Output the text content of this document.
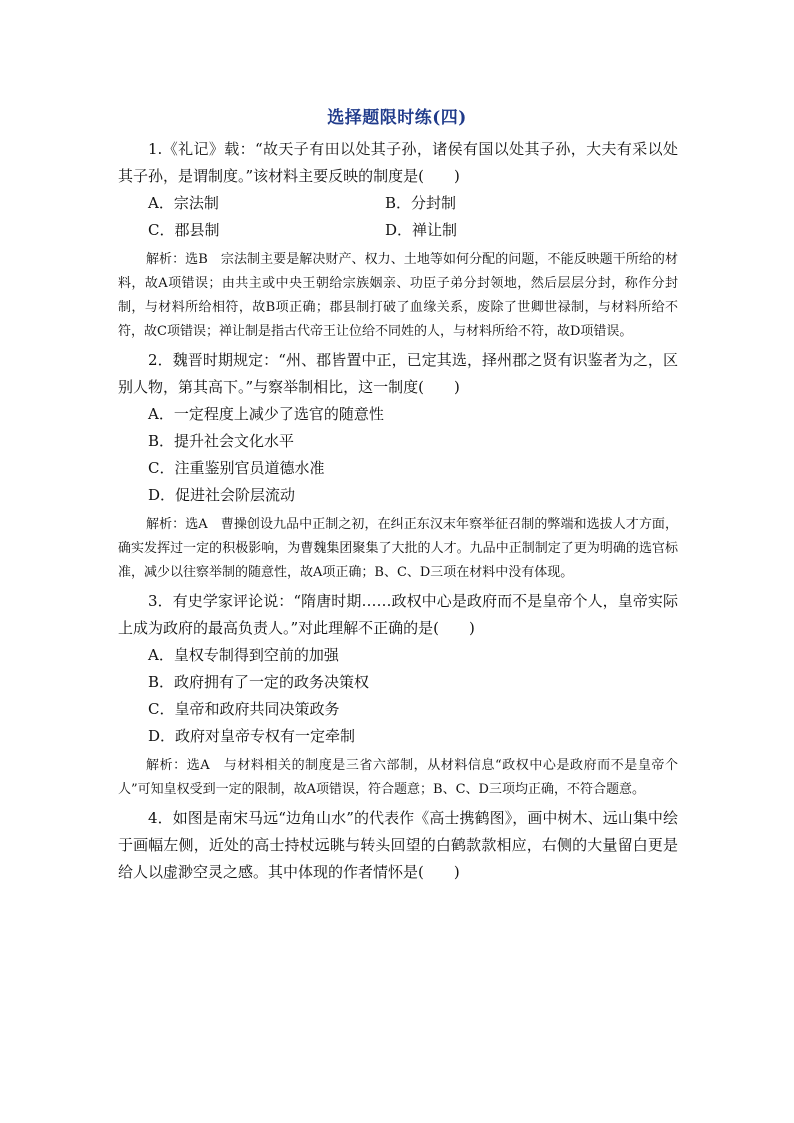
选择题限时练(四)

1.《礼记》载：“故天子有田以处其子孙，诸侯有国以处其子孙，大夫有采以处其子孙，是谓制度。”该材料主要反映的制度是(　　)

A．宗法制	B．分封制
C．郡县制	D．禅让制

解析：选B　宗法制主要是解决财产、权力、土地等如何分配的问题，不能反映题干所给的材料，故A项错误；由共主或中央王朝给宗族姻亲、功臣子弟分封领地，然后层层分封，称作分封制，与材料所给相符，故B项正确；郡县制打破了血缘关系，废除了世卿世禄制，与材料所给不符，故C项错误；禅让制是指古代帝王让位给不同姓的人，与材料所给不符，故D项错误。

2．魏晋时期规定：“州、郡皆置中正，已定其选，择州郡之贤有识鉴者为之，区别人物，第其高下。”与察举制相比，这一制度(　　)

A．一定程度上减少了选官的随意性

B．提升社会文化水平

C．注重鉴别官员道德水准

D．促进社会阶层流动

解析：选A　曹操创设九品中正制之初，在纠正东汉末年察举征召制的弊端和选拔人才方面，确实发挥过一定的积极影响，为曹魏集团聚集了大批的人才。九品中正制制定了更为明确的选官标准，减少以往察举制的随意性，故A项正确；B、C、D三项在材料中没有体现。

3．有史学家评论说：“隋唐时期……政权中心是政府而不是皇帝个人，皇帝实际上成为政府的最高负责人。”对此理解不正确的是(　　)

A．皇权专制得到空前的加强

B．政府拥有了一定的政务决策权

C．皇帝和政府共同决策政务

D．政府对皇帝专权有一定牵制

解析：选A　与材料相关的制度是三省六部制，从材料信息“政权中心是政府而不是皇帝个人”可知皇权受到一定的限制，故A项错误，符合题意；B、C、D三项均正确，不符合题意。

4．如图是南宋马远“边角山水”的代表作《高士携鹤图》，画中树木、远山集中绘于画幅左侧，近处的高士持杖远眺与转头回望的白鹤款款相应，右侧的大量留白更是给人以虚渺空灵之感。其中体现的作者情怀是(　　)
